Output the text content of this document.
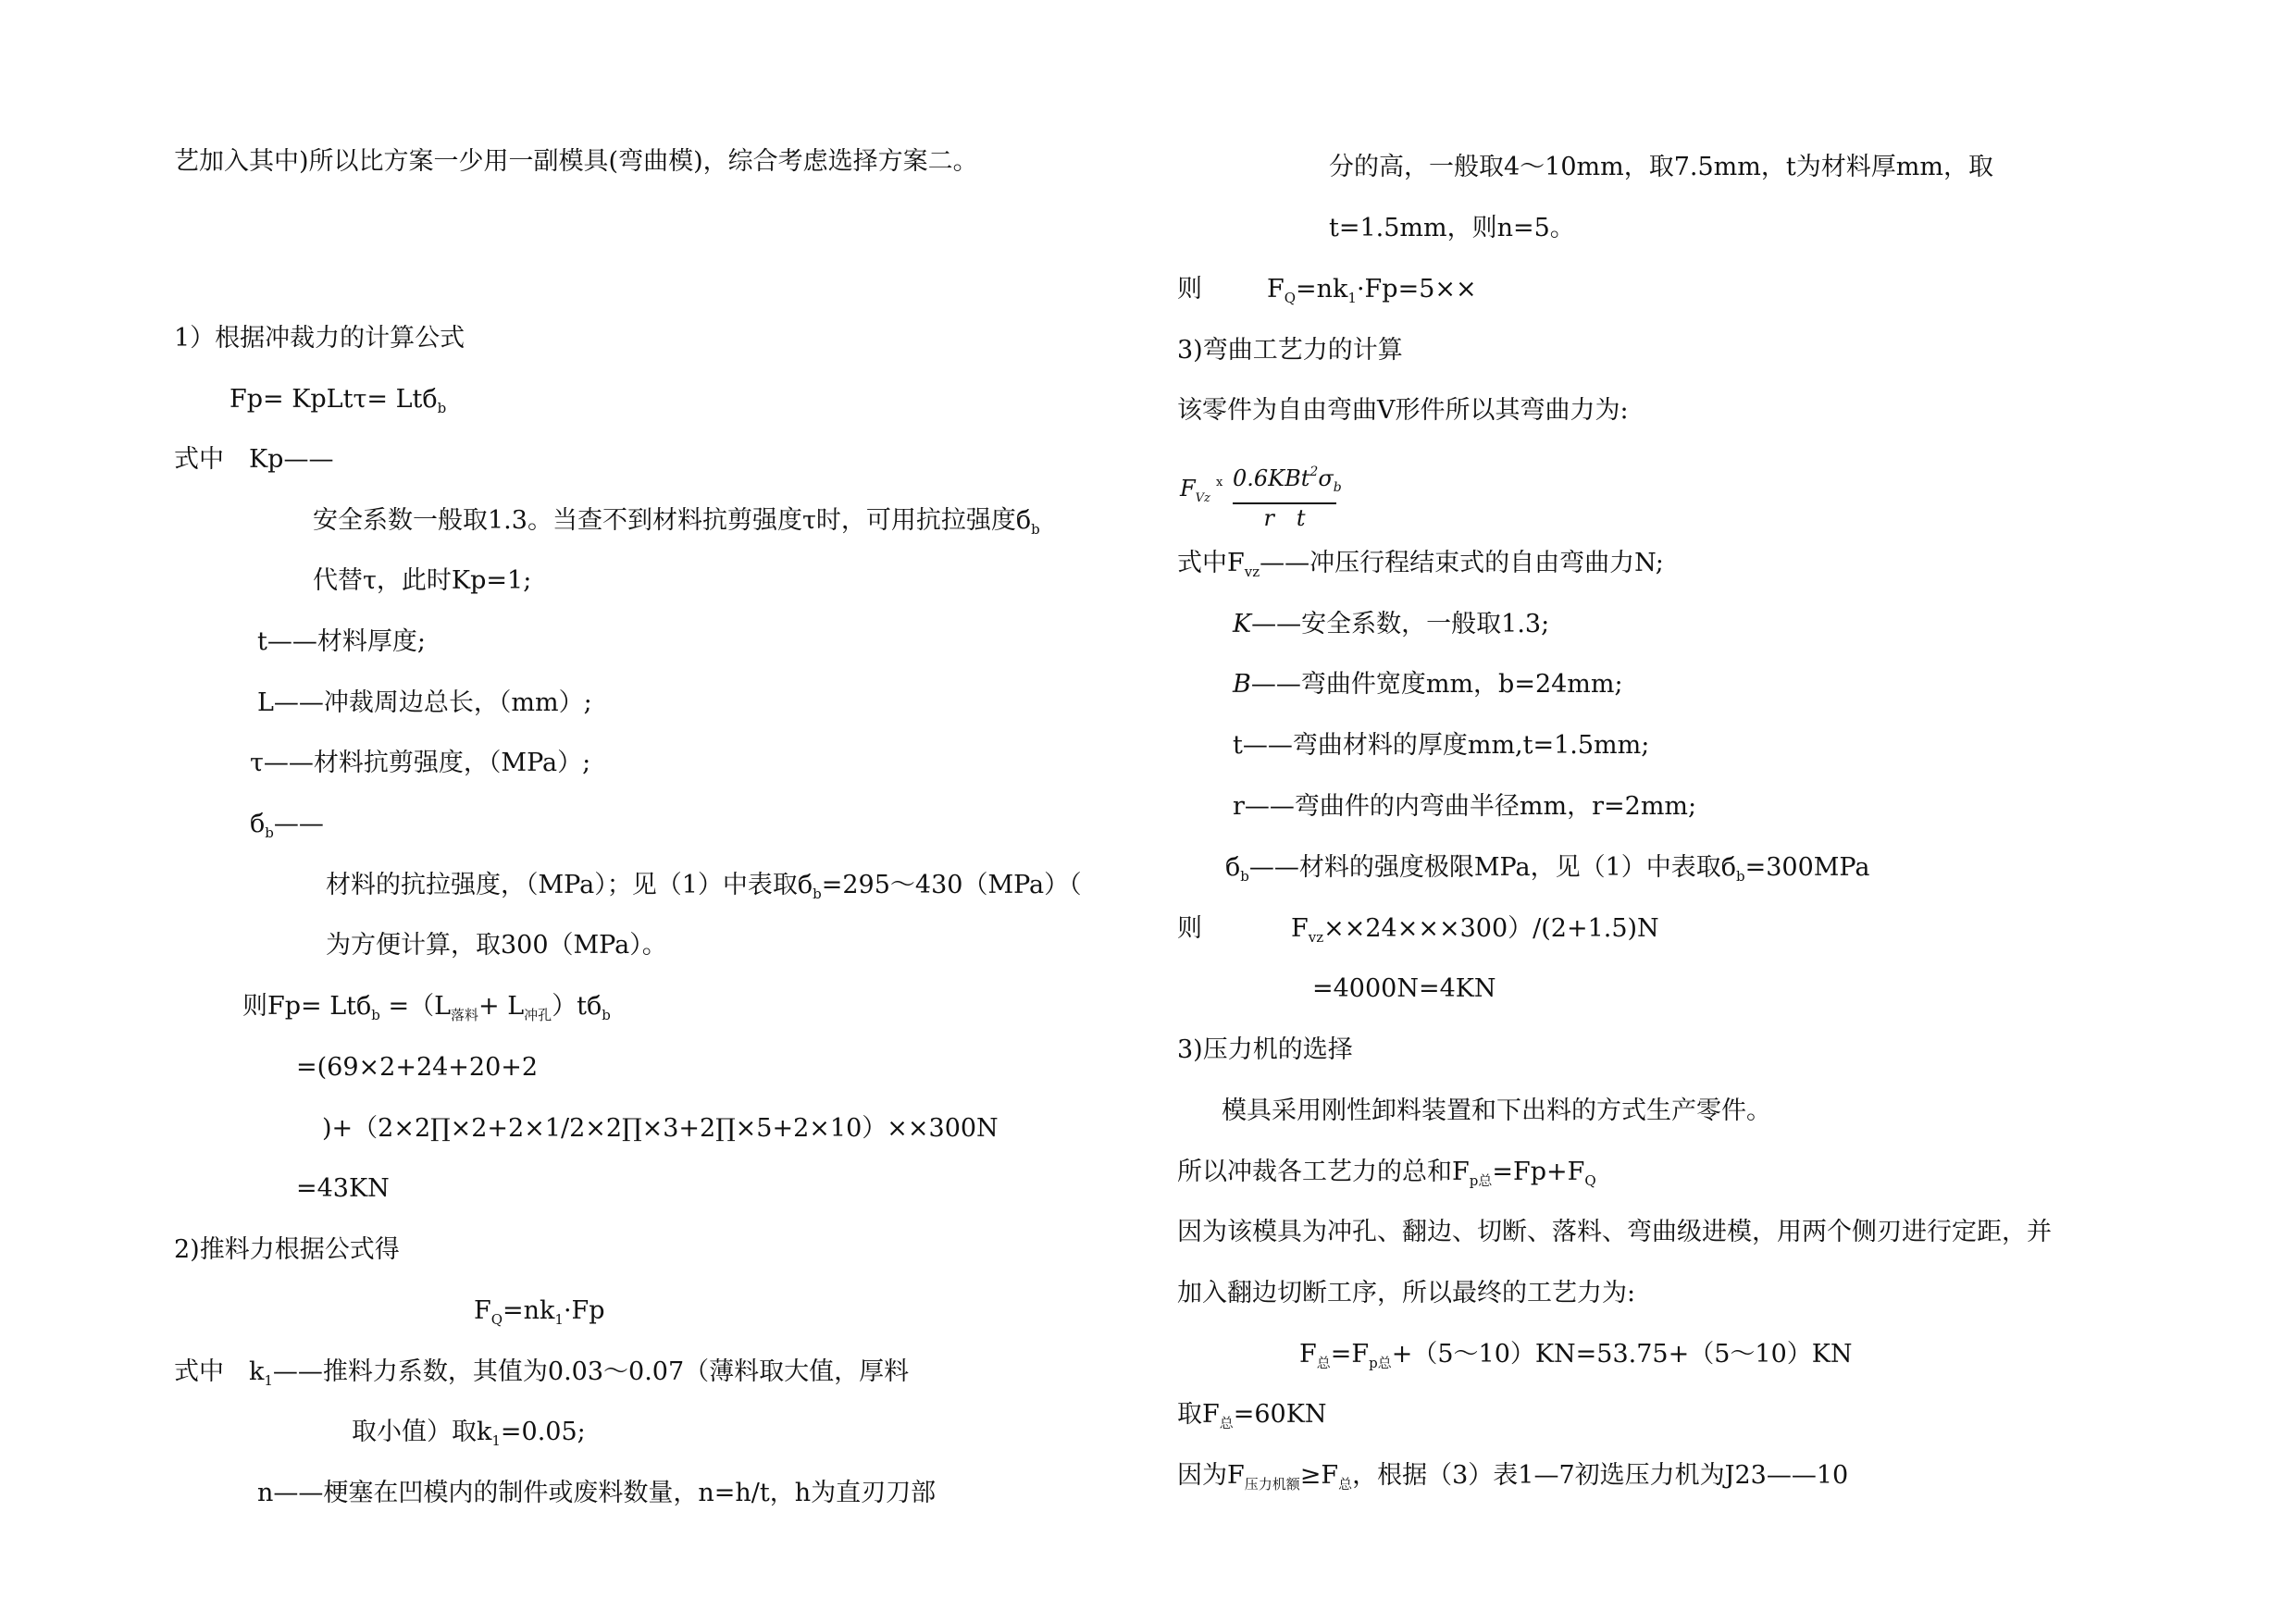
艺加入其中)所以比方案一少用一副模具(弯曲模)，综合考虑选择方案二。
1）根据冲裁力的计算公式
Fp= KpLtτ= Ltб$_b$
式中　Kp——
安全系数一般取1.3。当查不到材料抗剪强度τ时，可用抗拉强度$б_b$
代替τ，此时Kp=1;
t——材料厚度;
L——冲裁周边总长，（mm）;
τ——材料抗剪强度，（MPa）;
$б_b——$
材料的抗拉强度，（MPa）；见（1）中表取$б_b=295\sim 430(MPa)$（
为方便计算，取300（MPa）。
则$Fp= Ltб_b =(L_{落料}+ L_{冲孔})tб_b$
=(69×2+24+20+2
)+（2×2∏×2+2×1/2×2∏×3+2∏×5+2×10）××300N
=43KN
2)推料力根据公式得
$F_Q=nk_1\cdot Fp$
式中　$k_1——$推料力系数，其值为0.03～0.07（薄料取大值，厚料
取小值）取$k_1=0.05$;
n——梗塞在凹模内的制件或废料数量，n=h/t，h为直刃刀部
分的高，一般取4～10mm，取7.5mm，t为材料厚mm，取
t=1.5mm，则n=5。
则	$F_Q=nk_1\cdot Fp=5\times\times$
3)弯曲工艺力的计算
该零件为自由弯曲V形件所以其弯曲力为:
$F_{Vz}$
x $0.6KBt^2\sigma_b$
r　t
式中$F_{vz}——$冲压行程结束式的自由弯曲力N;
K——安全系数，一般取1.3;
B——弯曲件宽度mm，b=24mm;
t——弯曲材料的厚度mm,t=1.5mm;
r——弯曲件的内弯曲半径mm，r=2mm;
$б_b——$材料的强度极限MPa，见（1）中表取$б_b=300MPa$
则	$F_{vz}\times\times 24\times\times\times 300)/(2+1.5)N$
=4000N=4KN
3)压力机的选择
模具采用刚性卸料装置和下出料的方式生产零件。
所以冲裁各工艺力的总和$F_{p总}=Fp+F_Q$
因为该模具为冲孔、翻边、切断、落料、弯曲级进模，用两个侧刃进行定距，并
加入翻边切断工序，所以最终的工艺力为:
$F_总=F_{p总}+(5\sim 10)KN=53.75+(5\sim 10)KN$
取$F_总=60KN$
因为$F_{压力机额}\ge F_总$，根据（3）表1—7初选压力机为J23——10
